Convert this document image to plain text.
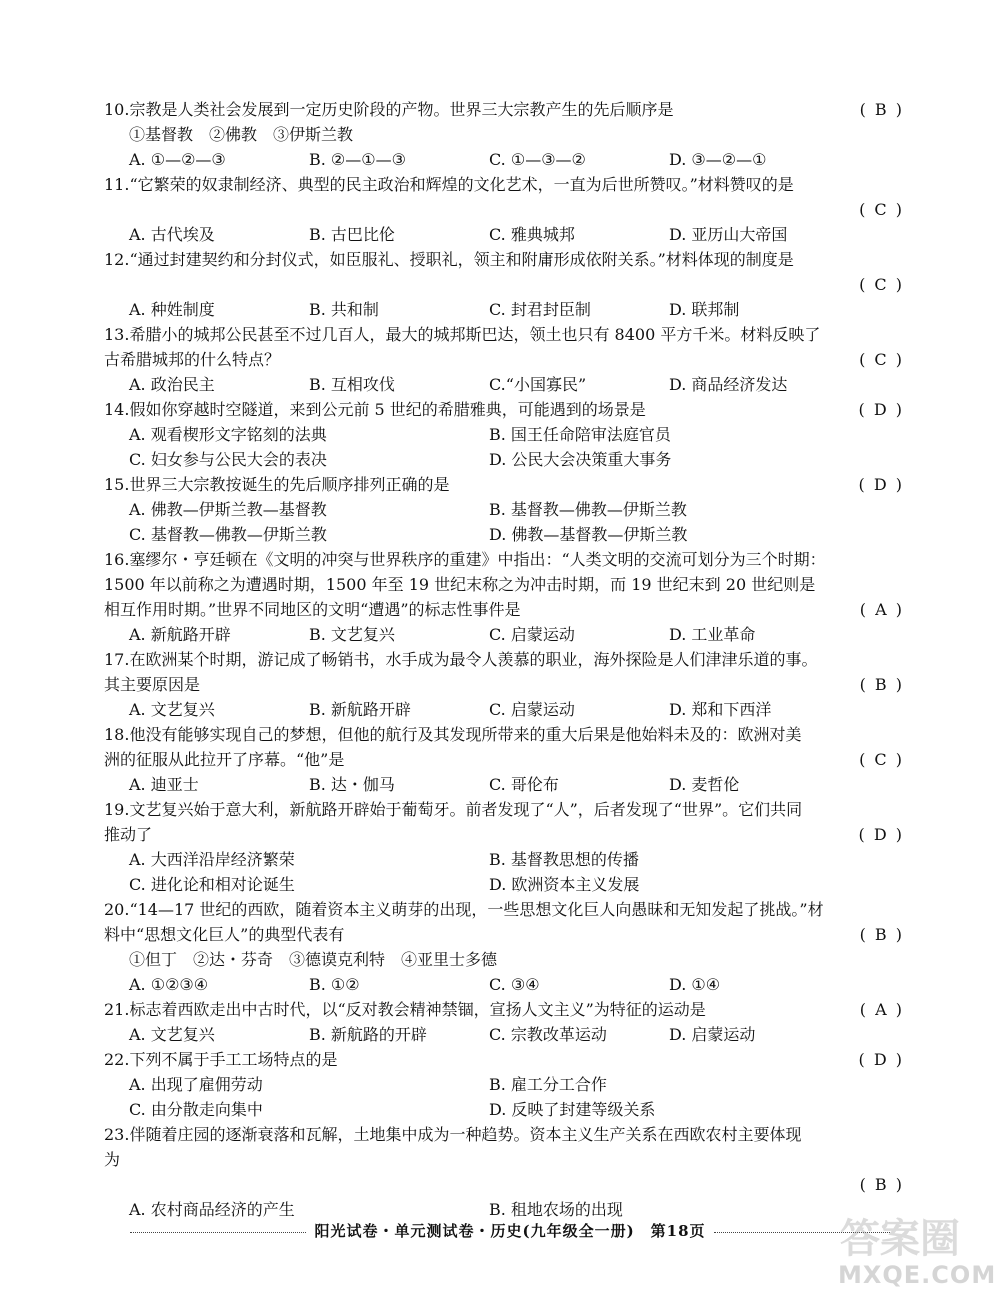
10.宗教是人类社会发展到一定历史阶段的产物。世界三大宗教产生的先后顺序是	( B )
①基督教　②佛教　③伊斯兰教
A. ①—②—③	B. ②—①—③	C. ①—③—②	D. ③—②—①
11.“它繁荣的奴隶制经济、典型的民主政治和辉煌的文化艺术，一直为后世所赞叹。”材料赞叹的是
( C )
A. 古代埃及	B. 古巴比伦	C. 雅典城邦	D. 亚历山大帝国
12.“通过封建契约和分封仪式，如臣服礼、授职礼，领主和附庸形成依附关系。”材料体现的制度是
( C )
A. 种姓制度	B. 共和制	C. 封君封臣制	D. 联邦制
13.希腊小的城邦公民甚至不过几百人，最大的城邦斯巴达，领土也只有 8400 平方千米。材料反映了
古希腊城邦的什么特点？	( C )
A. 政治民主	B. 互相攻伐	C.“小国寡民”	D. 商品经济发达
14.假如你穿越时空隧道，来到公元前 5 世纪的希腊雅典，可能遇到的场景是	( D )
A. 观看楔形文字铭刻的法典	B. 国王任命陪审法庭官员
C. 妇女参与公民大会的表决	D. 公民大会决策重大事务
15.世界三大宗教按诞生的先后顺序排列正确的是	( D )
A. 佛教—伊斯兰教—基督教	B. 基督教—佛教—伊斯兰教
C. 基督教—佛教—伊斯兰教	D. 佛教—基督教—伊斯兰教
16.塞缪尔・亨廷顿在《文明的冲突与世界秩序的重建》中指出：“人类文明的交流可划分为三个时期：
1500 年以前称之为遭遇时期，1500 年至 19 世纪末称之为冲击时期，而 19 世纪末到 20 世纪则是
相互作用时期。”世界不同地区的文明“遭遇”的标志性事件是	( A )
A. 新航路开辟	B. 文艺复兴	C. 启蒙运动	D. 工业革命
17.在欧洲某个时期，游记成了畅销书，水手成为最令人羡慕的职业，海外探险是人们津津乐道的事。
其主要原因是	( B )
A. 文艺复兴	B. 新航路开辟	C. 启蒙运动	D. 郑和下西洋
18.他没有能够实现自己的梦想，但他的航行及其发现所带来的重大后果是他始料未及的：欧洲对美
洲的征服从此拉开了序幕。“他”是	( C )
A. 迪亚士	B. 达・伽马	C. 哥伦布	D. 麦哲伦
19.文艺复兴始于意大利，新航路开辟始于葡萄牙。前者发现了“人”，后者发现了“世界”。它们共同
推动了	( D )
A. 大西洋沿岸经济繁荣	B. 基督教思想的传播
C. 进化论和相对论诞生	D. 欧洲资本主义发展
20.“14—17 世纪的西欧，随着资本主义萌芽的出现，一些思想文化巨人向愚昧和无知发起了挑战。”材
料中“思想文化巨人”的典型代表有	( B )
①但丁　②达・芬奇　③德谟克利特　④亚里士多德
A. ①②③④	B. ①②	C. ③④	D. ①④
21.标志着西欧走出中古时代，以“反对教会精神禁锢，宣扬人文主义”为特征的运动是	( A )
A. 文艺复兴	B. 新航路的开辟	C. 宗教改革运动	D. 启蒙运动
22.下列不属于手工工场特点的是	( D )
A. 出现了雇佣劳动	B. 雇工分工合作
C. 由分散走向集中	D. 反映了封建等级关系
23.伴随着庄园的逐渐衰落和瓦解，土地集中成为一种趋势。资本主义生产关系在西欧农村主要体现
为
( B )
A. 农村商品经济的产生	B. 租地农场的出现
阳光试卷・单元测试卷・历史(九年级全一册)　第18页	答案圈
MXQE.COM
